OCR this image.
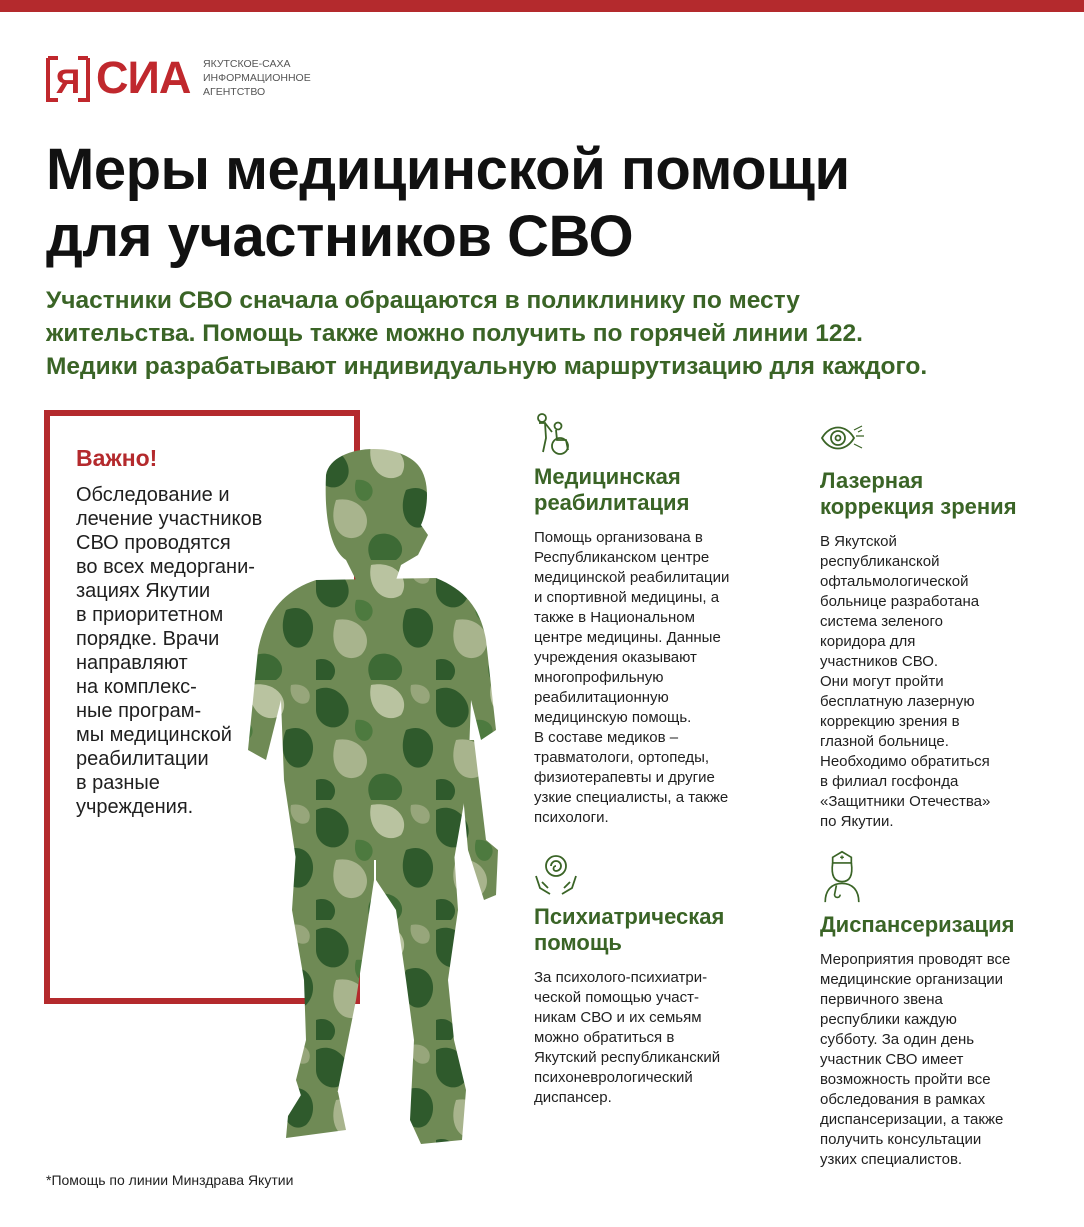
Я СИА ЯКУТСКОЕ-САХА
ИНФОРМАЦИОННОЕ
АГЕНТСТВО
Меры медицинской помощи
для участников СВО
Участники СВО сначала обращаются в поликлинику по месту
жительства. Помощь также можно получить по горячей линии 122.
Медики разрабатывают индивидуальную маршрутизацию для каждого.
Важно!
Обследование и
лечение участников
СВО проводятся
во всех медоргани-
зациях Якутии
в приоритетном
порядке. Врачи
направляют
на комплекс-
ные програм-
мы медицинской
реабилитации
в разные
учреждения.
Медицинская
реабилитация
Помощь организована в
Республиканском центре
медицинской реабилитации
и спортивной медицины, а
также в Национальном
центре медицины. Данные
учреждения оказывают
многопрофильную
реабилитационную
медицинскую помощь.
В составе медиков –
травматологи, ортопеды,
физиотерапевты и другие
узкие специалисты, а также
психологи.
Лазерная
коррекция зрения
В Якутской
республиканской
офтальмологической
больнице разработана
система зеленого
коридора для
участников СВО.
Они могут пройти
бесплатную лазерную
коррекцию зрения в
глазной больнице.
Необходимо обратиться
в филиал госфонда
«Защитники Отечества»
по Якутии.
Психиатрическая
помощь
За психолого-психиатри-
ческой помощью участ-
никам СВО и их семьям
можно обратиться в
Якутский республиканский
психоневрологический
диспансер.
Диспансеризация
Мероприятия проводят все
медицинские организации
первичного звена
республики каждую
субботу. За один день
участник СВО имеет
возможность пройти все
обследования в рамках
диспансеризации, а также
получить консультации
узких специалистов.
*Помощь по линии Минздрава Якутии
